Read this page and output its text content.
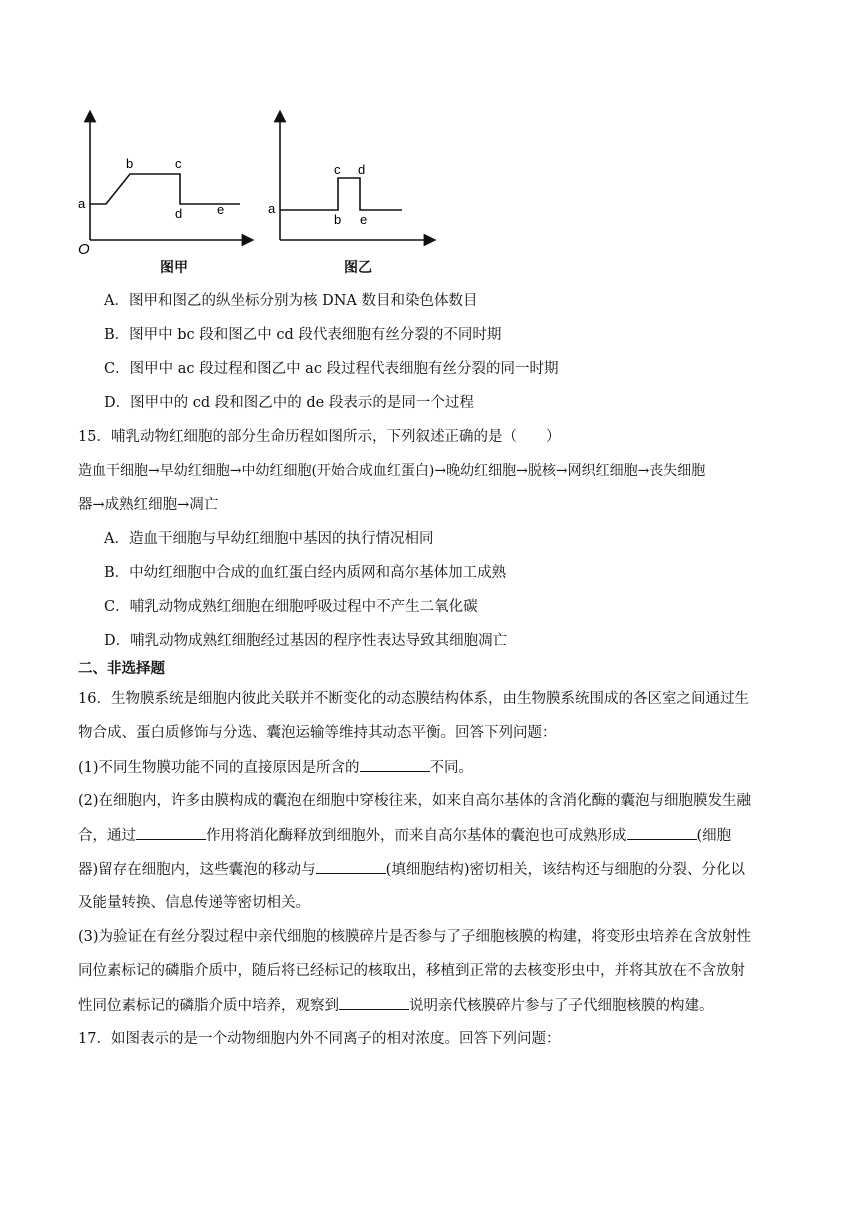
a
b	c
d	e
O
图甲
a
b
c d
e
图乙
A．图甲和图乙的纵坐标分别为核 DNA 数目和染色体数目
B．图甲中 bc 段和图乙中 cd 段代表细胞有丝分裂的不同时期
C．图甲中 ac 段过程和图乙中 ac 段过程代表细胞有丝分裂的同一时期
D．图甲中的 cd 段和图乙中的 de 段表示的是同一个过程
15．哺乳动物红细胞的部分生命历程如图所示，下列叙述正确的是（　　）
造血干细胞→早幼红细胞→中幼红细胞(开始合成血红蛋白)→晚幼红细胞→脱核→网织红细胞→丧失细胞
器→成熟红细胞→凋亡
A．造血干细胞与早幼红细胞中基因的执行情况相同
B．中幼红细胞中合成的血红蛋白经内质网和高尔基体加工成熟
C．哺乳动物成熟红细胞在细胞呼吸过程中不产生二氧化碳
D．哺乳动物成熟红细胞经过基因的程序性表达导致其细胞凋亡
二、非选择题
16．生物膜系统是细胞内彼此关联并不断变化的动态膜结构体系，由生物膜系统围成的各区室之间通过生
物合成、蛋白质修饰与分选、囊泡运输等维持其动态平衡。回答下列问题：
(1)不同生物膜功能不同的直接原因是所含的	不同。
(2)在细胞内，许多由膜构成的囊泡在细胞中穿梭往来，如来自高尔基体的含消化酶的囊泡与细胞膜发生融
合，通过	作用将消化酶释放到细胞外，而来自高尔基体的囊泡也可成熟形成	(细胞
器)留存在细胞内，这些囊泡的移动与	(填细胞结构)密切相关，该结构还与细胞的分裂、分化以
及能量转换、信息传递等密切相关。
(3)为验证在有丝分裂过程中亲代细胞的核膜碎片是否参与了子细胞核膜的构建，将变形虫培养在含放射性
同位素标记的磷脂介质中，随后将已经标记的核取出，移植到正常的去核变形虫中，并将其放在不含放射
性同位素标记的磷脂介质中培养，观察到	说明亲代核膜碎片参与了子代细胞核膜的构建。
17．如图表示的是一个动物细胞内外不同离子的相对浓度。回答下列问题：
